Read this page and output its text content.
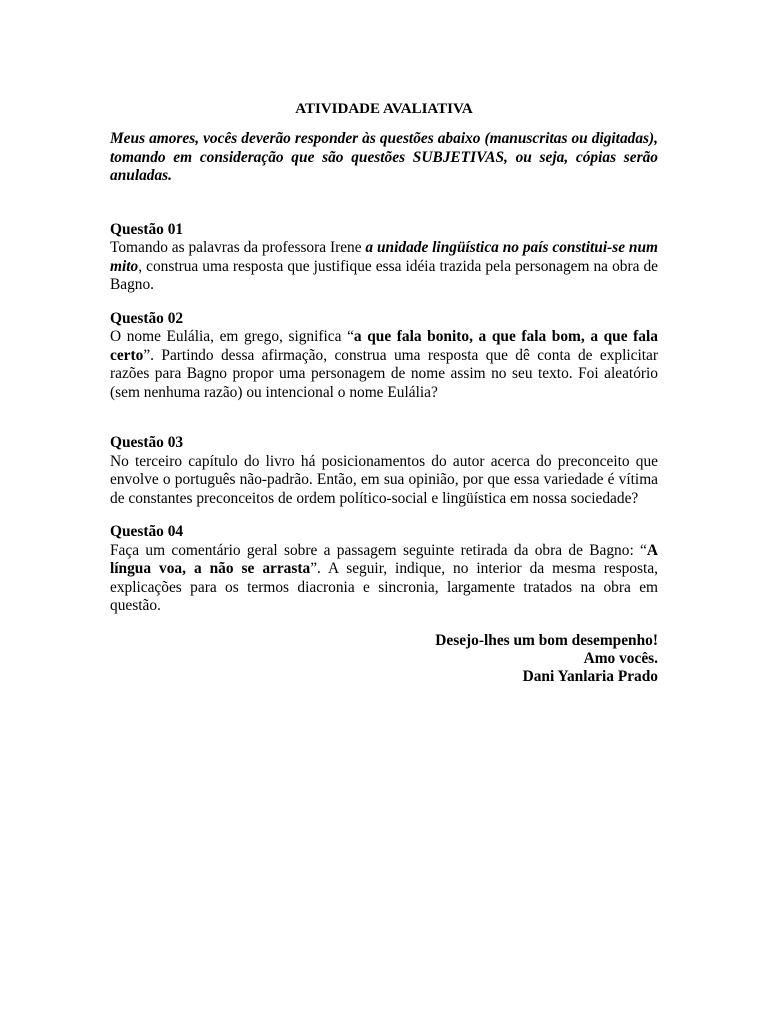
ATIVIDADE AVALIATIVA

Meus amores, vocês deverão responder às questões abaixo (manuscritas ou digitadas), tomando em consideração que são questões SUBJETIVAS, ou seja, cópias serão anuladas.

Questão 01

Tomando as palavras da professora Irene a unidade lingüística no país constitui-se num mito, construa uma resposta que justifique essa idéia trazida pela personagem na obra de Bagno.

Questão 02

O nome Eulália, em grego, significa “a que fala bonito, a que fala bom, a que fala certo”. Partindo dessa afirmação, construa uma resposta que dê conta de explicitar razões para Bagno propor uma personagem de nome assim no seu texto. Foi aleatório (sem nenhuma razão) ou intencional o nome Eulália?

Questão 03

No terceiro capítulo do livro há posicionamentos do autor acerca do preconceito que envolve o português não-padrão. Então, em sua opinião, por que essa variedade é vítima de constantes preconceitos de ordem político-social e lingüística em nossa sociedade?

Questão 04

Faça um comentário geral sobre a passagem seguinte retirada da obra de Bagno: “A língua voa, a não se arrasta”. A seguir, indique, no interior da mesma resposta, explicações para os termos diacronia e sincronia, largamente tratados na obra em questão.

Desejo-lhes um bom desempenho!
Amo vocês.
Dani Yanlaria Prado
